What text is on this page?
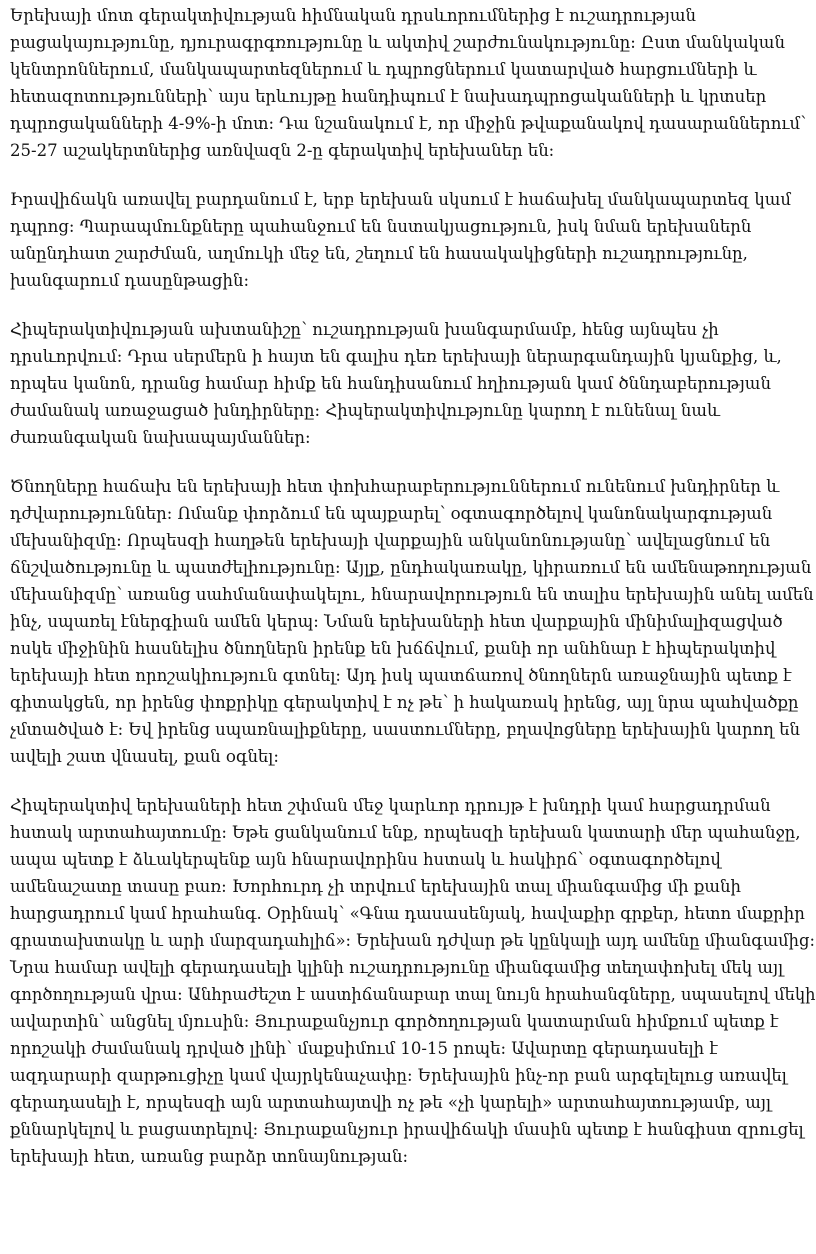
Երեխայի մոտ գերակտիվության հիմնական դրսևորումներից է ուշադրության
բացակայությունը, դյուրագրգռությունը և ակտիվ շարժունակությունը: Ըստ մանկական
կենտրոններում, մանկապարտեզներում և դպրոցներում կատարված հարցումների և
հետազոտությունների՝ այս երևույթը հանդիպում է նախադպրոցականների և կրտսեր
դպրոցականների 4-9%-ի մոտ: Դա նշանակում է, որ միջին թվաքանակով դասարաններում՝
25-27 աշակերտներից առնվազն 2-ը գերակտիվ երեխաներ են:
Իրավիճակն առավել բարդանում է, երբ երեխան սկսում է հաճախել մանկապարտեզ կամ
դպրոց: Պարապմունքները պահանջում են նստակյացություն, իսկ նման երեխաներն
անընդհատ շարժման, աղմուկի մեջ են, շեղում են հասակակիցների ուշադրությունը,
խանգարում դասընթացին:
Հիպերակտիվության ախտանիշը՝ ուշադրության խանգարմամբ, հենց այնպես չի
դրսևորվում: Դրա սերմերն ի հայտ են գալիս դեռ երեխայի ներարգանդային կյանքից, և,
որպես կանոն, դրանց համար հիմք են հանդիսանում հղիության կամ ծննդաբերության
ժամանակ առաջացած խնդիրները: Հիպերակտիվությունը կարող է ունենալ նաև
ժառանգական նախապայմաններ:
Ծնողները հաճախ են երեխայի հետ փոխհարաբերություններում ունենում խնդիրներ և
դժվարություններ: Ոմանք փորձում են պայքարել՝ օգտագործելով կանոնակարգության
մեխանիզմը: Որպեսզի հաղթեն երեխայի վարքային անկանոնությանը՝ ավելացնում են
ճնշվածությունը և պատժելիությունը: Այլք, ընդհակառակը, կիրառում են ամենաթողության
մեխանիզմը՝ առանց սահմանափակելու, հնարավորություն են տալիս երեխային անել ամեն
ինչ, սպառել էներգիան ամեն կերպ: Նման երեխաների հետ վարքային մինիմալիզացված
ոսկե միջինին հասնելիս ծնողներն իրենք են խճճվում, քանի որ անհնար է հիպերակտիվ
երեխայի հետ որոշակիություն գտնել: Այդ իսկ պատճառով ծնողներն առաջնային պետք է
գիտակցեն, որ իրենց փոքրիկը գերակտիվ է ոչ թե՝ ի հակառակ իրենց, այլ նրա պահվածքը
չմտածված է: Եվ իրենց սպառնալիքները, սաստումները, բղավոցները երեխային կարող են
ավելի շատ վնասել, քան օգնել:
Հիպերակտիվ երեխաների հետ շփման մեջ կարևոր դրույթ է խնդրի կամ հարցադրման
հստակ արտահայտումը: Եթե ցանկանում ենք, որպեսզի երեխան կատարի մեր պահանջը,
ապա պետք է ձևակերպենք այն հնարավորինս հստակ և հակիրճ՝ օգտագործելով
ամենաշատը տասը բառ: Խորհուրդ չի տրվում երեխային տալ միանգամից մի քանի
հարցադրում կամ հրահանգ. Օրինակ՝ «Գնա դասասենյակ, հավաքիր գրքեր, հետո մաքրիր
գրատախտակը և արի մարզադահլիճ»: Երեխան դժվար թե կընկալի այդ ամենը միանգամից:
Նրա համար ավելի գերադասելի կլինի ուշադրությունը միանգամից տեղափոխել մեկ այլ
գործողության վրա: Անհրաժեշտ է աստիճանաբար տալ նույն հրահանգները, սպասելով մեկի
ավարտին՝ անցնել մյուսին: Յուրաքանչյուր գործողության կատարման հիմքում պետք է
որոշակի ժամանակ դրված լինի՝ մաքսիմում 10-15 րոպե: Ավարտը գերադասելի է
ազդարարի զարթուցիչը կամ վայրկենաչափը: Երեխային ինչ-որ բան արգելելուց առավել
գերադասելի է, որպեսզի այն արտահայտվի ոչ թե «չի կարելի» արտահայտությամբ, այլ
քննարկելով և բացատրելով: Յուրաքանչյուր իրավիճակի մասին պետք է հանգիստ զրուցել
երեխայի հետ, առանց բարձր տոնայնության:
